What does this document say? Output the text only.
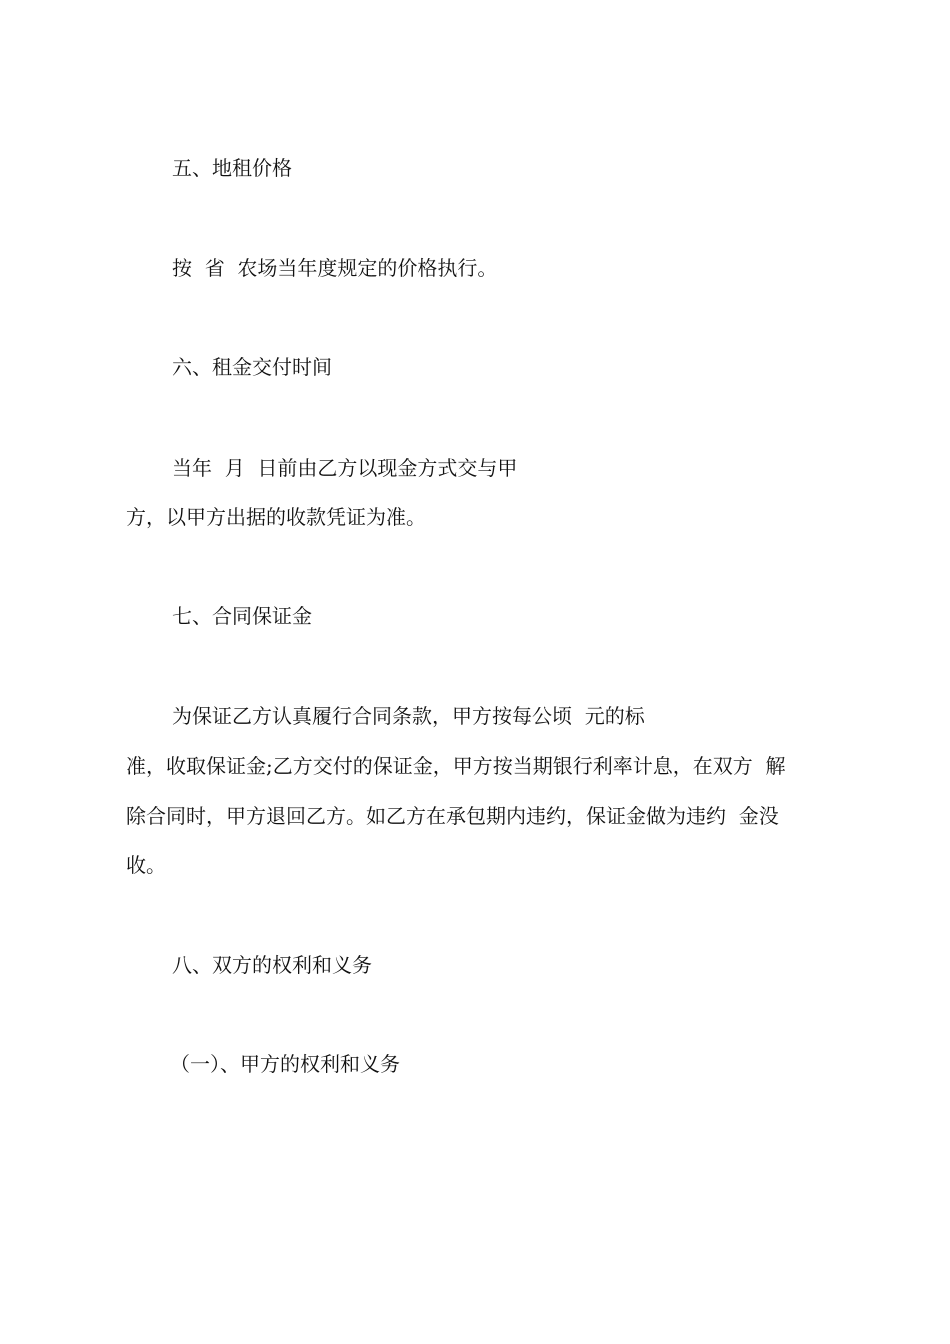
五、地租价格
按  省  农场当年度规定的价格执行。
六、租金交付时间
当年  月  日前由乙方以现金方式交与甲
方，以甲方出据的收款凭证为准。
七、合同保证金
为保证乙方认真履行合同条款，甲方按每公顷  元的标
准，收取保证金;乙方交付的保证金，甲方按当期银行利率计息，在双方  解
除合同时，甲方退回乙方。如乙方在承包期内违约，保证金做为违约  金没
收。
八、双方的权利和义务
（一）、甲方的权利和义务
